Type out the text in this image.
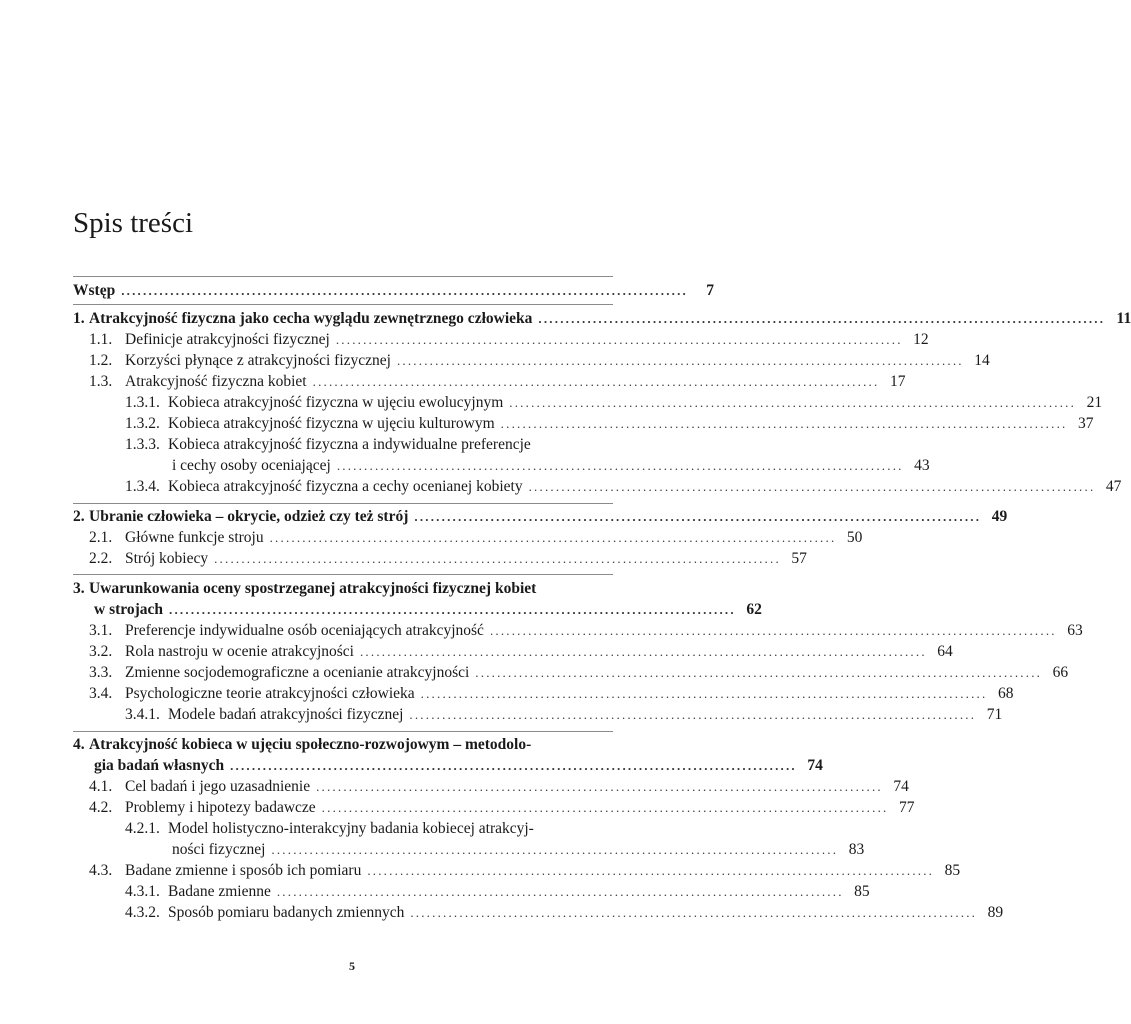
Spis treści
Wstęp ........................................................................................................	7
1. Atrakcyjność fizyczna jako cecha wyglądu zewnętrznego człowieka ........................................................................................................ 11
1.1. Definicje atrakcyjności fizycznej ........................................................................................................ 12
1.2. Korzyści płynące z atrakcyjności fizycznej ........................................................................................................ 14
1.3. Atrakcyjność fizyczna kobiet ........................................................................................................ 17
1.3.1. Kobieca atrakcyjność fizyczna w ujęciu ewolucyjnym ........................................................................................................ 21
1.3.2. Kobieca atrakcyjność fizyczna w ujęciu kulturowym ........................................................................................................ 37
1.3.3. Kobieca atrakcyjność fizyczna a indywidualne preferencje
i cechy osoby oceniającej ........................................................................................................ 43
1.3.4. Kobieca atrakcyjność fizyczna a cechy ocenianej kobiety ........................................................................................................ 47
2. Ubranie człowieka – okrycie, odzież czy też strój ........................................................................................................ 49
2.1. Główne funkcje stroju ........................................................................................................ 50
2.2. Strój kobiecy ........................................................................................................ 57
3. Uwarunkowania oceny spostrzeganej atrakcyjności fizycznej kobiet
w strojach ........................................................................................................ 62
3.1. Preferencje indywidualne osób oceniających atrakcyjność ........................................................................................................ 63
3.2. Rola nastroju w ocenie atrakcyjności ........................................................................................................ 64
3.3. Zmienne socjodemograficzne a ocenianie atrakcyjności ........................................................................................................ 66
3.4. Psychologiczne teorie atrakcyjności człowieka ........................................................................................................ 68
3.4.1. Modele badań atrakcyjności fizycznej ........................................................................................................ 71
4. Atrakcyjność kobieca w ujęciu społeczno-rozwojowym – metodolo-
gia badań własnych ........................................................................................................ 74
4.1. Cel badań i jego uzasadnienie ........................................................................................................ 74
4.2. Problemy i hipotezy badawcze ........................................................................................................ 77
4.2.1. Model holistyczno-interakcyjny badania kobiecej atrakcyj-
ności fizycznej ........................................................................................................ 83
4.3. Badane zmienne i sposób ich pomiaru ........................................................................................................ 85
4.3.1. Badane zmienne ........................................................................................................ 85
4.3.2. Sposób pomiaru badanych zmiennych ........................................................................................................ 89
5
